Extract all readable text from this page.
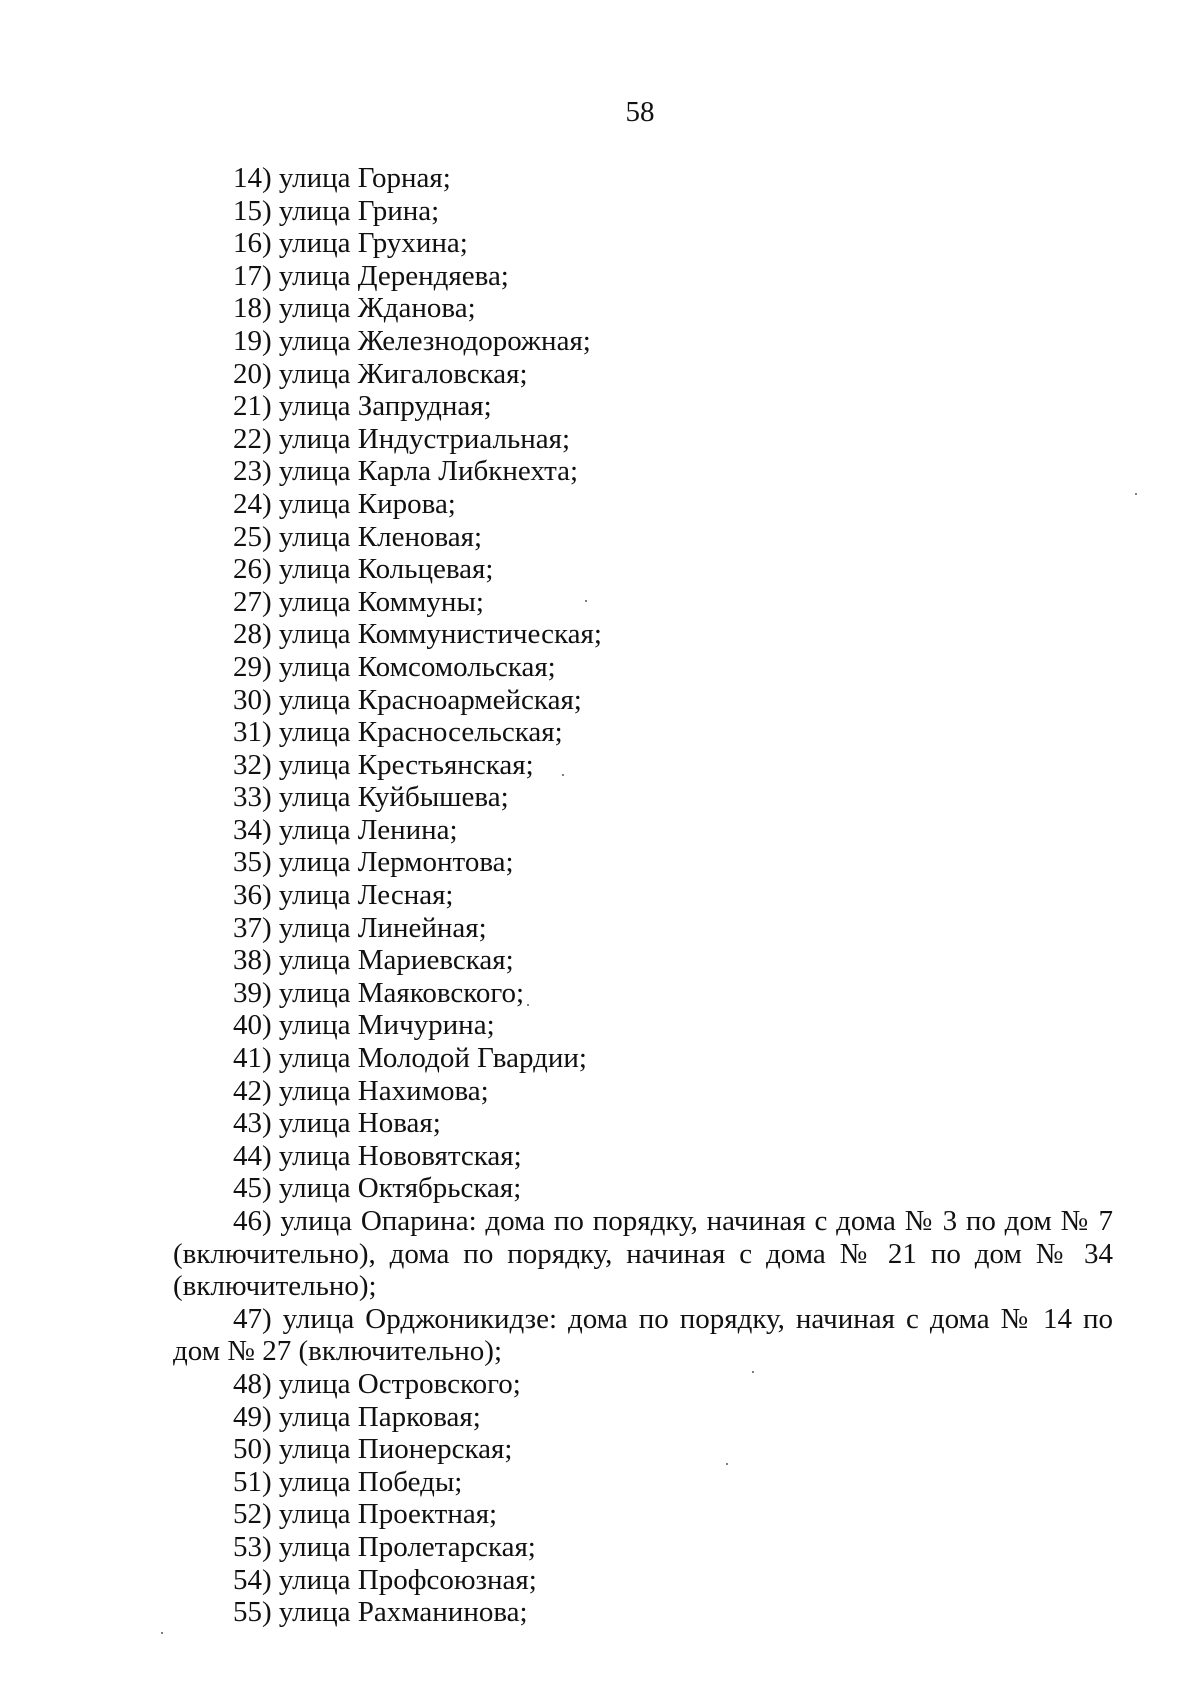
58
14) улица Горная;
15) улица Грина;
16) улица Грухина;
17) улица Дерендяева;
18) улица Жданова;
19) улица Железнодорожная;
20) улица Жигаловская;
21) улица Запрудная;
22) улица Индустриальная;
23) улица Карла Либкнехта;
24) улица Кирова;
25) улица Кленовая;
26) улица Кольцевая;
27) улица Коммуны;
28) улица Коммунистическая;
29) улица Комсомольская;
30) улица Красноармейская;
31) улица Красносельская;
32) улица Крестьянская;
33) улица Куйбышева;
34) улица Ленина;
35) улица Лермонтова;
36) улица Лесная;
37) улица Линейная;
38) улица Мариевская;
39) улица Маяковского;
40) улица Мичурина;
41) улица Молодой Гвардии;
42) улица Нахимова;
43) улица Новая;
44) улица Нововятская;
45) улица Октябрьская;
46) улица Опарина: дома по порядку, начиная с дома № 3 по дом № 7 (включительно), дома по порядку, начиная с дома № 21 по дом № 34 (включительно);
47) улица Орджоникидзе: дома по порядку, начиная с дома № 14 по дом № 27 (включительно);
48) улица Островского;
49) улица Парковая;
50) улица Пионерская;
51) улица Победы;
52) улица Проектная;
53) улица Пролетарская;
54) улица Профсоюзная;
55) улица Рахманинова;
